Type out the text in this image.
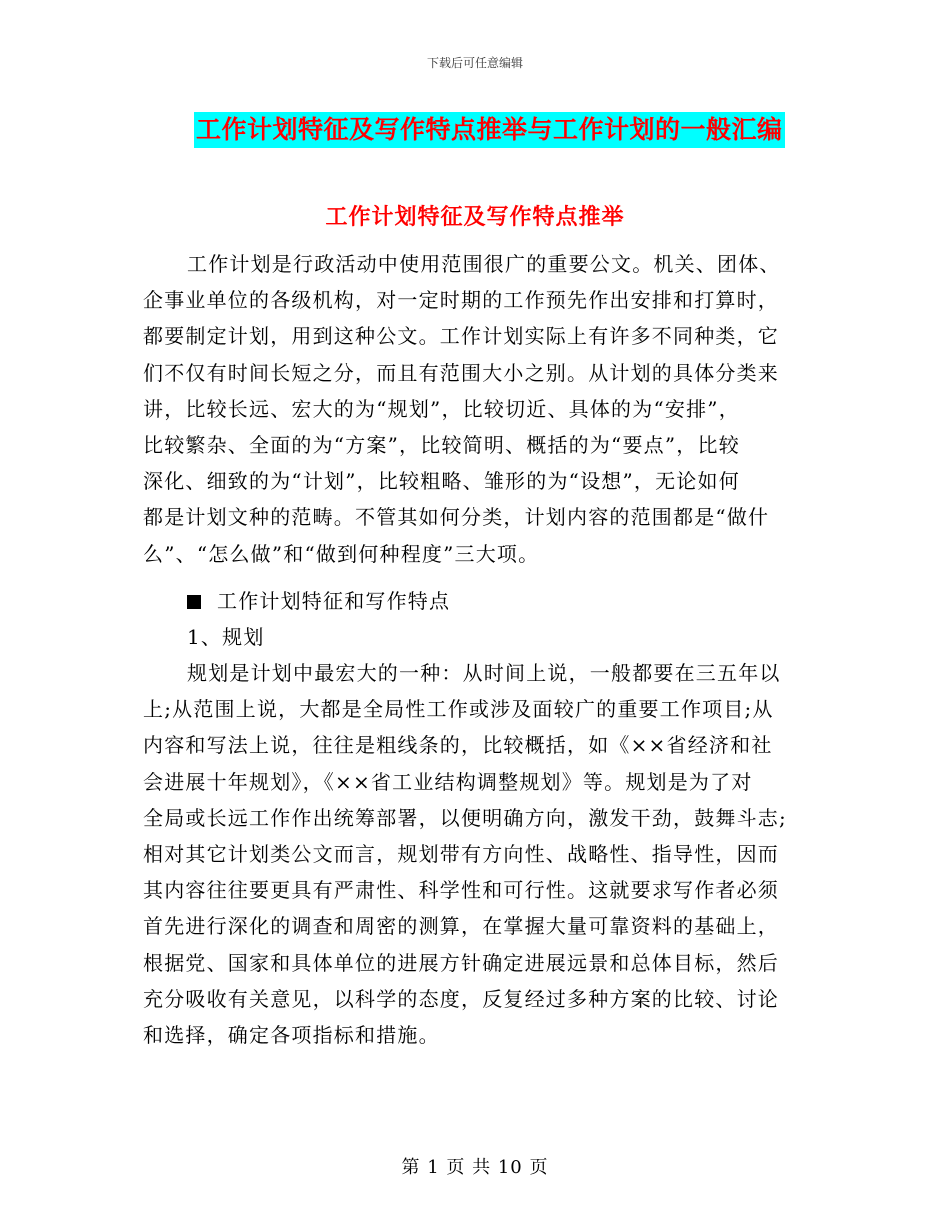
下载后可任意编辑
工作计划特征及写作特点推举与工作计划的一般汇编
工作计划特征及写作特点推举
工作计划是行政活动中使用范围很广的重要公文。机关、团体、
企事业单位的各级机构，对一定时期的工作预先作出安排和打算时，
都要制定计划，用到这种公文。工作计划实际上有许多不同种类，它
们不仅有时间长短之分，而且有范围大小之别。从计划的具体分类来
讲，比较长远、宏大的为“规划”，比较切近、具体的为“安排”，
比较繁杂、全面的为“方案”，比较简明、概括的为“要点”，比较
深化、细致的为“计划”，比较粗略、雏形的为“设想”，无论如何
都是计划文种的范畴。不管其如何分类，计划内容的范围都是“做什
么”、“怎么做”和“做到何种程度”三大项。
工作计划特征和写作特点
1、规划
规划是计划中最宏大的一种：从时间上说，一般都要在三五年以
上;从范围上说，大都是全局性工作或涉及面较广的重要工作项目;从
内容和写法上说，往往是粗线条的，比较概括，如《××省经济和社
会进展十年规划》，《××省工业结构调整规划》等。规划是为了对
全局或长远工作作出统筹部署，以便明确方向，激发干劲，鼓舞斗志;
相对其它计划类公文而言，规划带有方向性、战略性、指导性，因而
其内容往往要更具有严肃性、科学性和可行性。这就要求写作者必须
首先进行深化的调查和周密的测算，在掌握大量可靠资料的基础上，
根据党、国家和具体单位的进展方针确定进展远景和总体目标，然后
充分吸收有关意见，以科学的态度，反复经过多种方案的比较、讨论
和选择，确定各项指标和措施。
第 1 页 共 10 页
